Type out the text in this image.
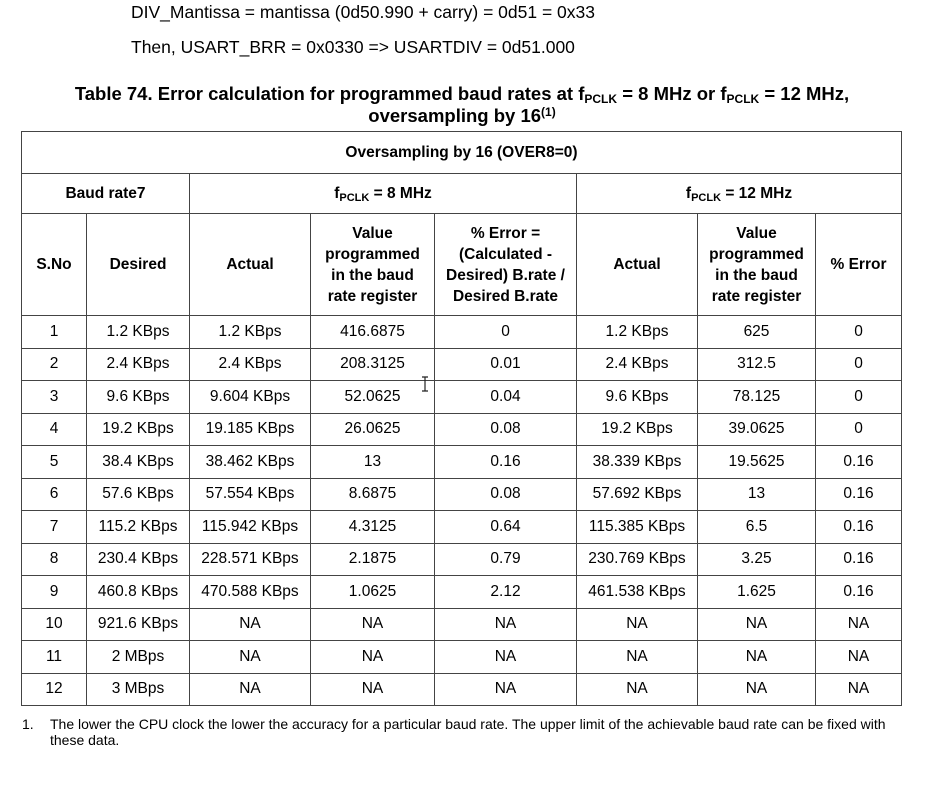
DIV_Mantissa = mantissa (0d50.990 + carry) = 0d51 = 0x33
Then, USART_BRR = 0x0330 => USARTDIV = 0d51.000
Table 74. Error calculation for programmed baud rates at $f_{PCLK} = 8$ MHz or $f_{PCLK} = 12$ MHz,
oversampling by 16$^{(1)}$
Oversampling by 16 (OVER8=0)							
Baud rate7		$f_{PCLK} = 8$ MHz			$f_{PCLK} = 12$ MHz		
S.No	Desired	Actual	Value
programmed
in the baud
rate register	% Error =
(Calculated -
Desired) B.rate /
Desired B.rate	Actual	Value
programmed
in the baud
rate register	% Error
1	1.2 KBps	1.2 KBps	416.6875	0	1.2 KBps	625	0
2	2.4 KBps	2.4 KBps	208.3125	0.01	2.4 KBps	312.5	0
3	9.6 KBps	9.604 KBps	52.0625	0.04	9.6 KBps	78.125	0
4	19.2 KBps	19.185 KBps	26.0625	0.08	19.2 KBps	39.0625	0
5	38.4 KBps	38.462 KBps	13	0.16	38.339 KBps	19.5625	0.16
6	57.6 KBps	57.554 KBps	8.6875	0.08	57.692 KBps	13	0.16
7	115.2 KBps	115.942 KBps	4.3125	0.64	115.385 KBps	6.5	0.16
8	230.4 KBps	228.571 KBps	2.1875	0.79	230.769 KBps	3.25	0.16
9	460.8 KBps	470.588 KBps	1.0625	2.12	461.538 KBps	1.625	0.16
10	921.6 KBps	NA	NA	NA	NA	NA	NA
11	2 MBps	NA	NA	NA	NA	NA	NA
12	3 MBps	NA	NA	NA	NA	NA	NA
1. The lower the CPU clock the lower the accuracy for a particular baud rate. The upper limit of the achievable baud rate can be fixed with these data.
